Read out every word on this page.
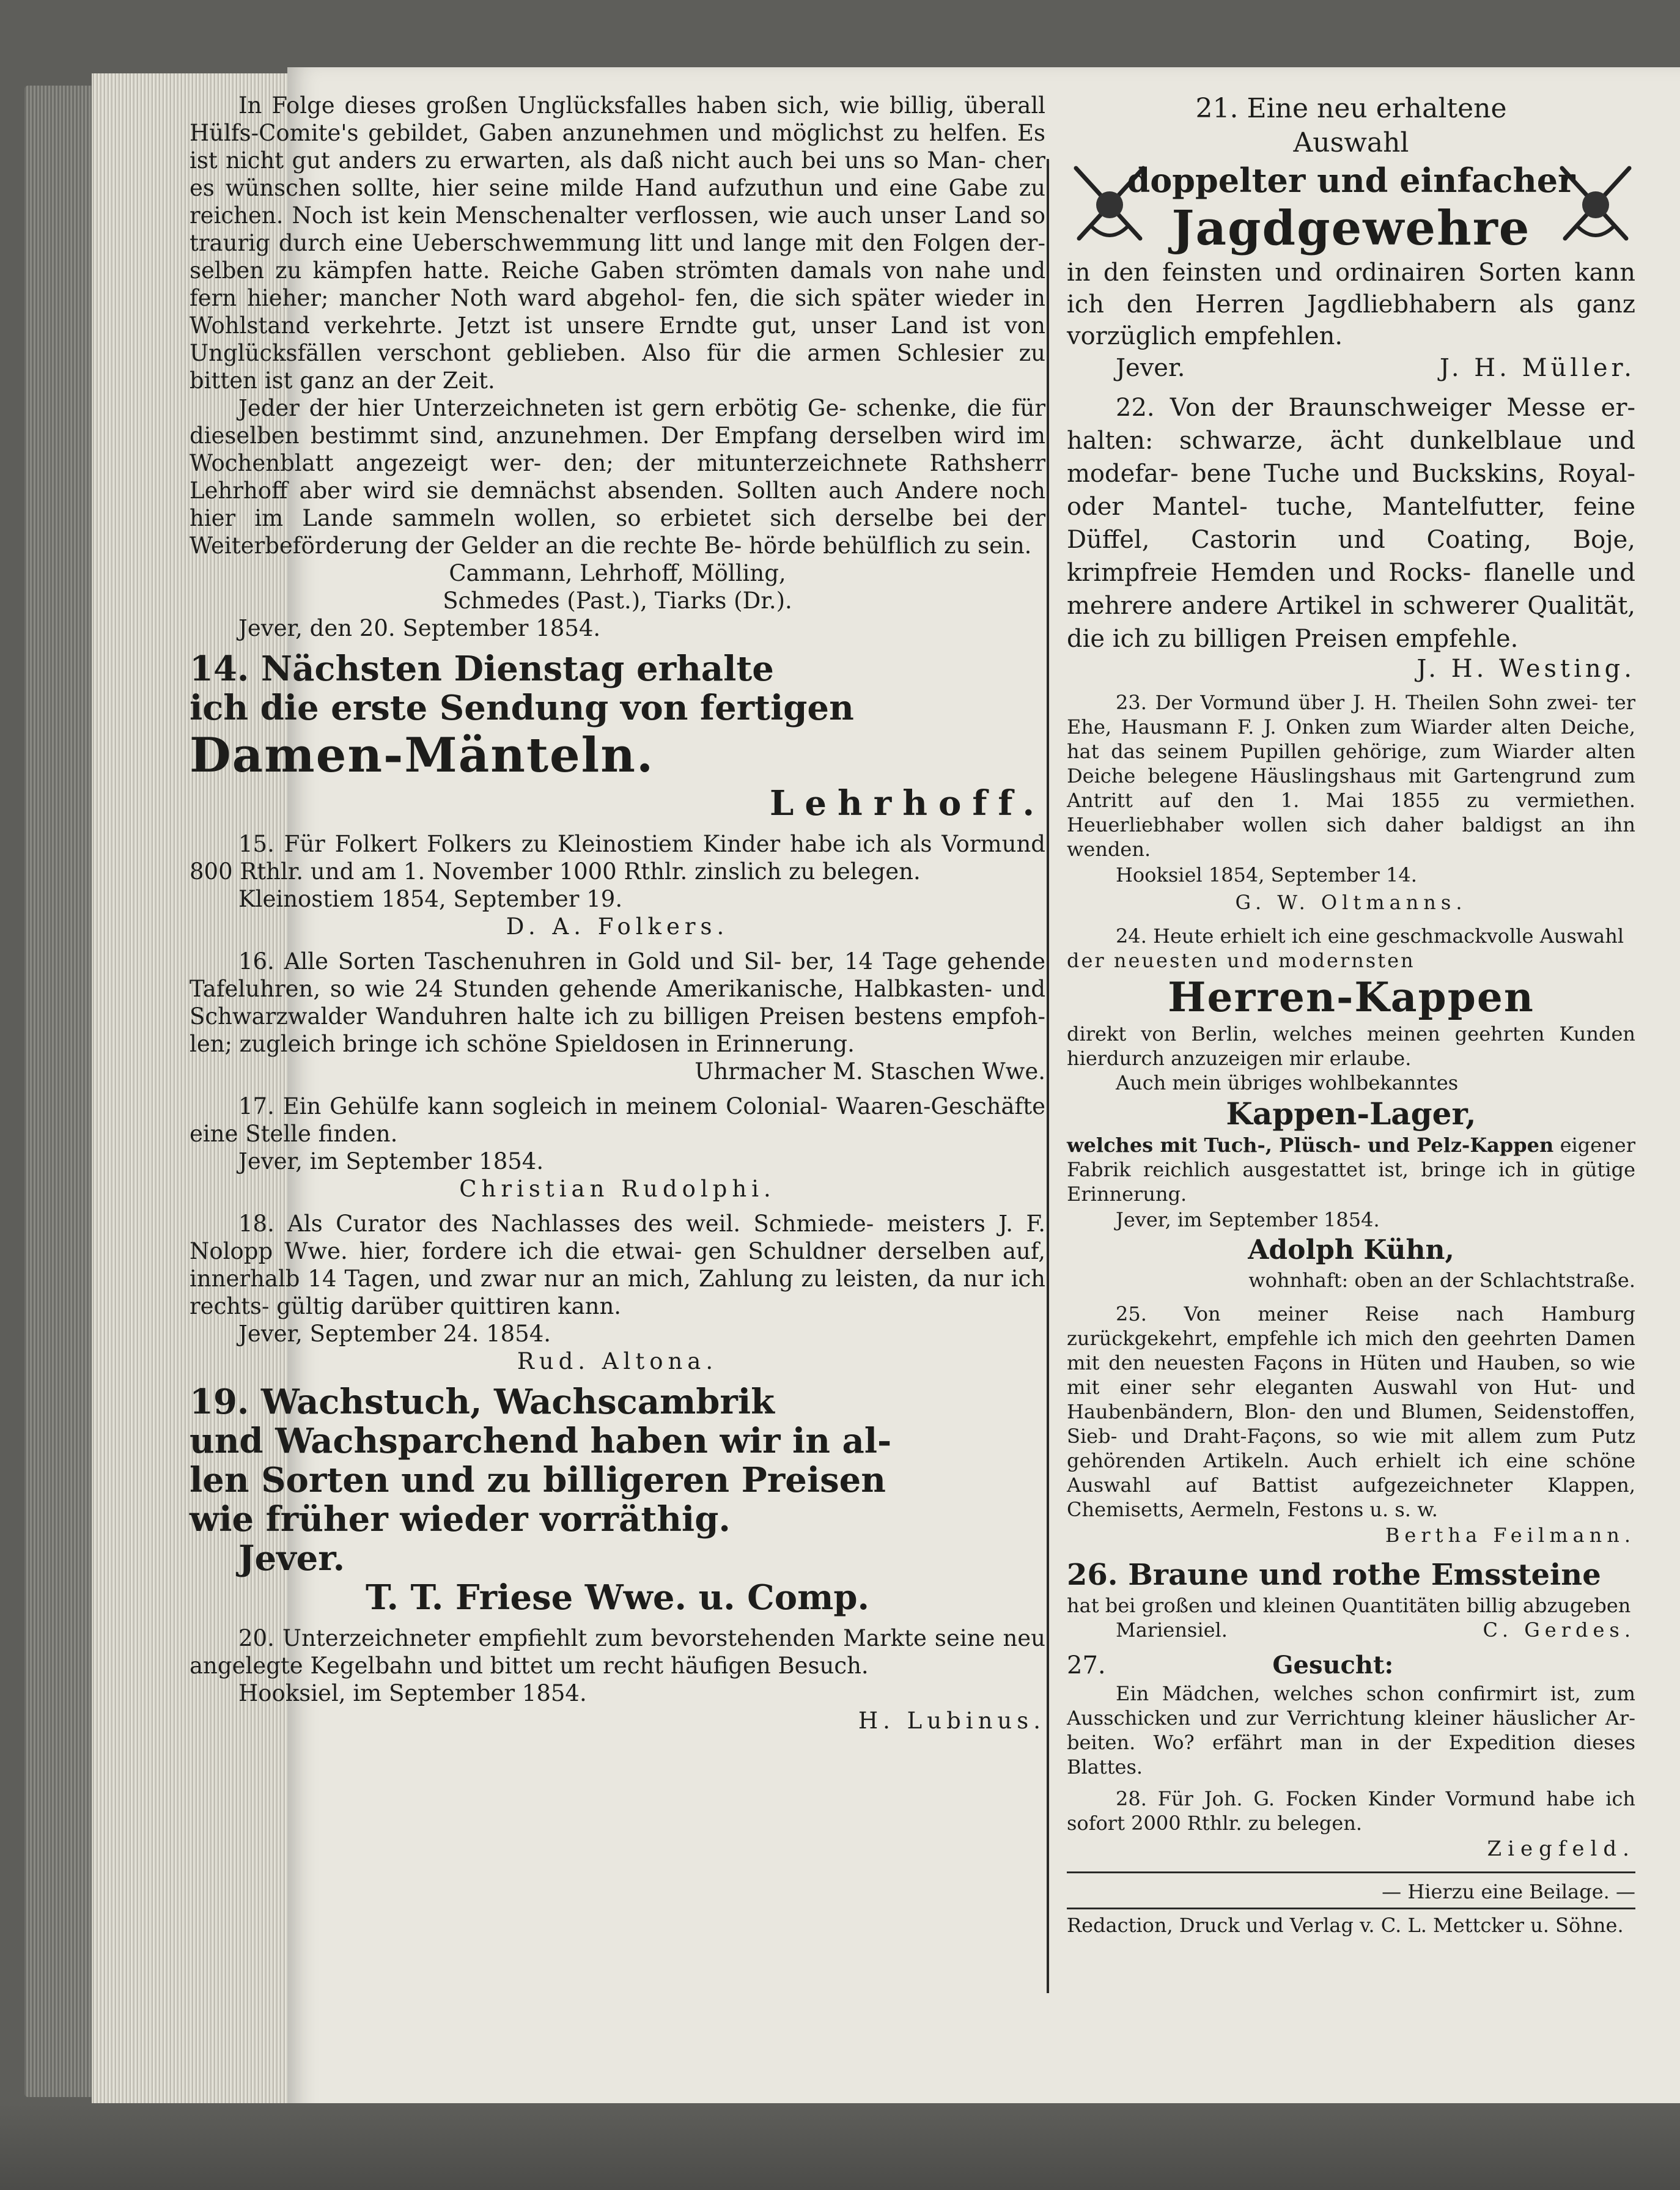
In Folge dieses großen Unglücksfalles haben sich, wie billig, überall Hülfs-Comite's gebildet, Gaben anzunehmen und möglichst zu helfen. Es ist nicht gut anders zu erwarten, als daß nicht auch bei uns so Man- cher es wünschen sollte, hier seine milde Hand aufzuthun und eine Gabe zu reichen. Noch ist kein Menschenalter verflossen, wie auch unser Land so traurig durch eine Ueberschwemmung litt und lange mit den Folgen der- selben zu kämpfen hatte. Reiche Gaben strömten damals von nahe und fern hieher; mancher Noth ward abgehol- fen, die sich später wieder in Wohlstand verkehrte. Jetzt ist unsere Erndte gut, unser Land ist von Unglücksfällen verschont geblieben. Also für die armen Schlesier zu bitten ist ganz an der Zeit.

Jeder der hier Unterzeichneten ist gern erbötig Ge- schenke, die für dieselben bestimmt sind, anzunehmen. Der Empfang derselben wird im Wochenblatt angezeigt wer- den; der mitunterzeichnete Rathsherr Lehrhoff aber wird sie demnächst absenden. Sollten auch Andere noch hier im Lande sammeln wollen, so erbietet sich derselbe bei der Weiterbeförderung der Gelder an die rechte Be- hörde behülflich zu sein.

Cammann, Lehrhoff, Mölling,

Schmedes (Past.), Tiarks (Dr.).

Jever, den 20. September 1854.

14. Nächsten Dienstag erhalte

ich die erste Sendung von fertigen

Damen-Mänteln.

Lehrhoff.

15. Für Folkert Folkers zu Kleinostiem Kinder habe ich als Vormund 800 Rthlr. und am 1. November 1000 Rthlr. zinslich zu belegen.

Kleinostiem 1854, September 19.

D. A. Folkers.

16. Alle Sorten Taschenuhren in Gold und Sil- ber, 14 Tage gehende Tafeluhren, so wie 24 Stunden gehende Amerikanische, Halbkasten- und Schwarzwalder Wanduhren halte ich zu billigen Preisen bestens empfoh- len; zugleich bringe ich schöne Spieldosen in Erinnerung.

Uhrmacher M. Staschen Wwe.

17. Ein Gehülfe kann sogleich in meinem Colonial- Waaren-Geschäfte eine Stelle finden.

Jever, im September 1854.

Christian Rudolphi.

18. Als Curator des Nachlasses des weil. Schmiede- meisters J. F. Nolopp Wwe. hier, fordere ich die etwai- gen Schuldner derselben auf, innerhalb 14 Tagen, und zwar nur an mich, Zahlung zu leisten, da nur ich rechts- gültig darüber quittiren kann.

Jever, September 24. 1854.

Rud. Altona.

19. Wachstuch, Wachscambrik

und Wachsparchend haben wir in al-

len Sorten und zu billigeren Preisen

wie früher wieder vorräthig.

Jever.

T. T. Friese Wwe. u. Comp.

20. Unterzeichneter empfiehlt zum bevorstehenden Markte seine neu angelegte Kegelbahn und bittet um recht häufigen Besuch.

Hooksiel, im September 1854.

H. Lubinus.

21. Eine neu erhaltene

Auswahl

doppelter und einfacher

Jagdgewehre

in den feinsten und ordinairen Sorten kann ich den Herren Jagdliebhabern als ganz vorzüglich empfehlen.

Jever.	J. H. Müller.

22. Von der Braunschweiger Messe er- halten: schwarze, ächt dunkelblaue und modefar- bene Tuche und Buckskins, Royal- oder Mantel- tuche, Mantelfutter, feine Düffel, Castorin und Coating, Boje, krimpfreie Hemden und Rocks- flanelle und mehrere andere Artikel in schwerer Qualität, die ich zu billigen Preisen empfehle.

J. H. Westing.

23. Der Vormund über J. H. Theilen Sohn zwei- ter Ehe, Hausmann F. J. Onken zum Wiarder alten Deiche, hat das seinem Pupillen gehörige, zum Wiarder alten Deiche belegene Häuslingshaus mit Gartengrund zum Antritt auf den 1. Mai 1855 zu vermiethen. Heuerliebhaber wollen sich daher baldigst an ihn wenden.

Hooksiel 1854, September 14.

G. W. Oltmanns.

24. Heute erhielt ich eine geschmackvolle Auswahl

der neuesten und modernsten

Herren-Kappen

direkt von Berlin, welches meinen geehrten Kunden hierdurch anzuzeigen mir erlaube.

Auch mein übriges wohlbekanntes

Kappen-Lager,

welches mit Tuch-, Plüsch- und Pelz-Kappen eigener Fabrik reichlich ausgestattet ist, bringe ich in gütige Erinnerung.

Jever, im September 1854.

Adolph Kühn,

wohnhaft: oben an der Schlachtstraße.

25. Von meiner Reise nach Hamburg zurückgekehrt, empfehle ich mich den geehrten Damen mit den neuesten Façons in Hüten und Hauben, so wie mit einer sehr eleganten Auswahl von Hut- und Haubenbändern, Blon- den und Blumen, Seidenstoffen, Sieb- und Draht-Façons, so wie mit allem zum Putz gehörenden Artikeln. Auch erhielt ich eine schöne Auswahl auf Battist aufgezeichneter Klappen, Chemisetts, Aermeln, Festons u. s. w.

Bertha Feilmann.

26. Braune und rothe Emssteine

hat bei großen und kleinen Quantitäten billig abzugeben

Mariensiel.	C. Gerdes.

27.	Gesucht:

Ein Mädchen, welches schon confirmirt ist, zum Ausschicken und zur Verrichtung kleiner häuslicher Ar- beiten. Wo? erfährt man in der Expedition dieses Blattes.

28. Für Joh. G. Focken Kinder Vormund habe ich sofort 2000 Rthlr. zu belegen.

Ziegfeld.

— Hierzu eine Beilage. —

Redaction, Druck und Verlag v. C. L. Mettcker u. Söhne.
